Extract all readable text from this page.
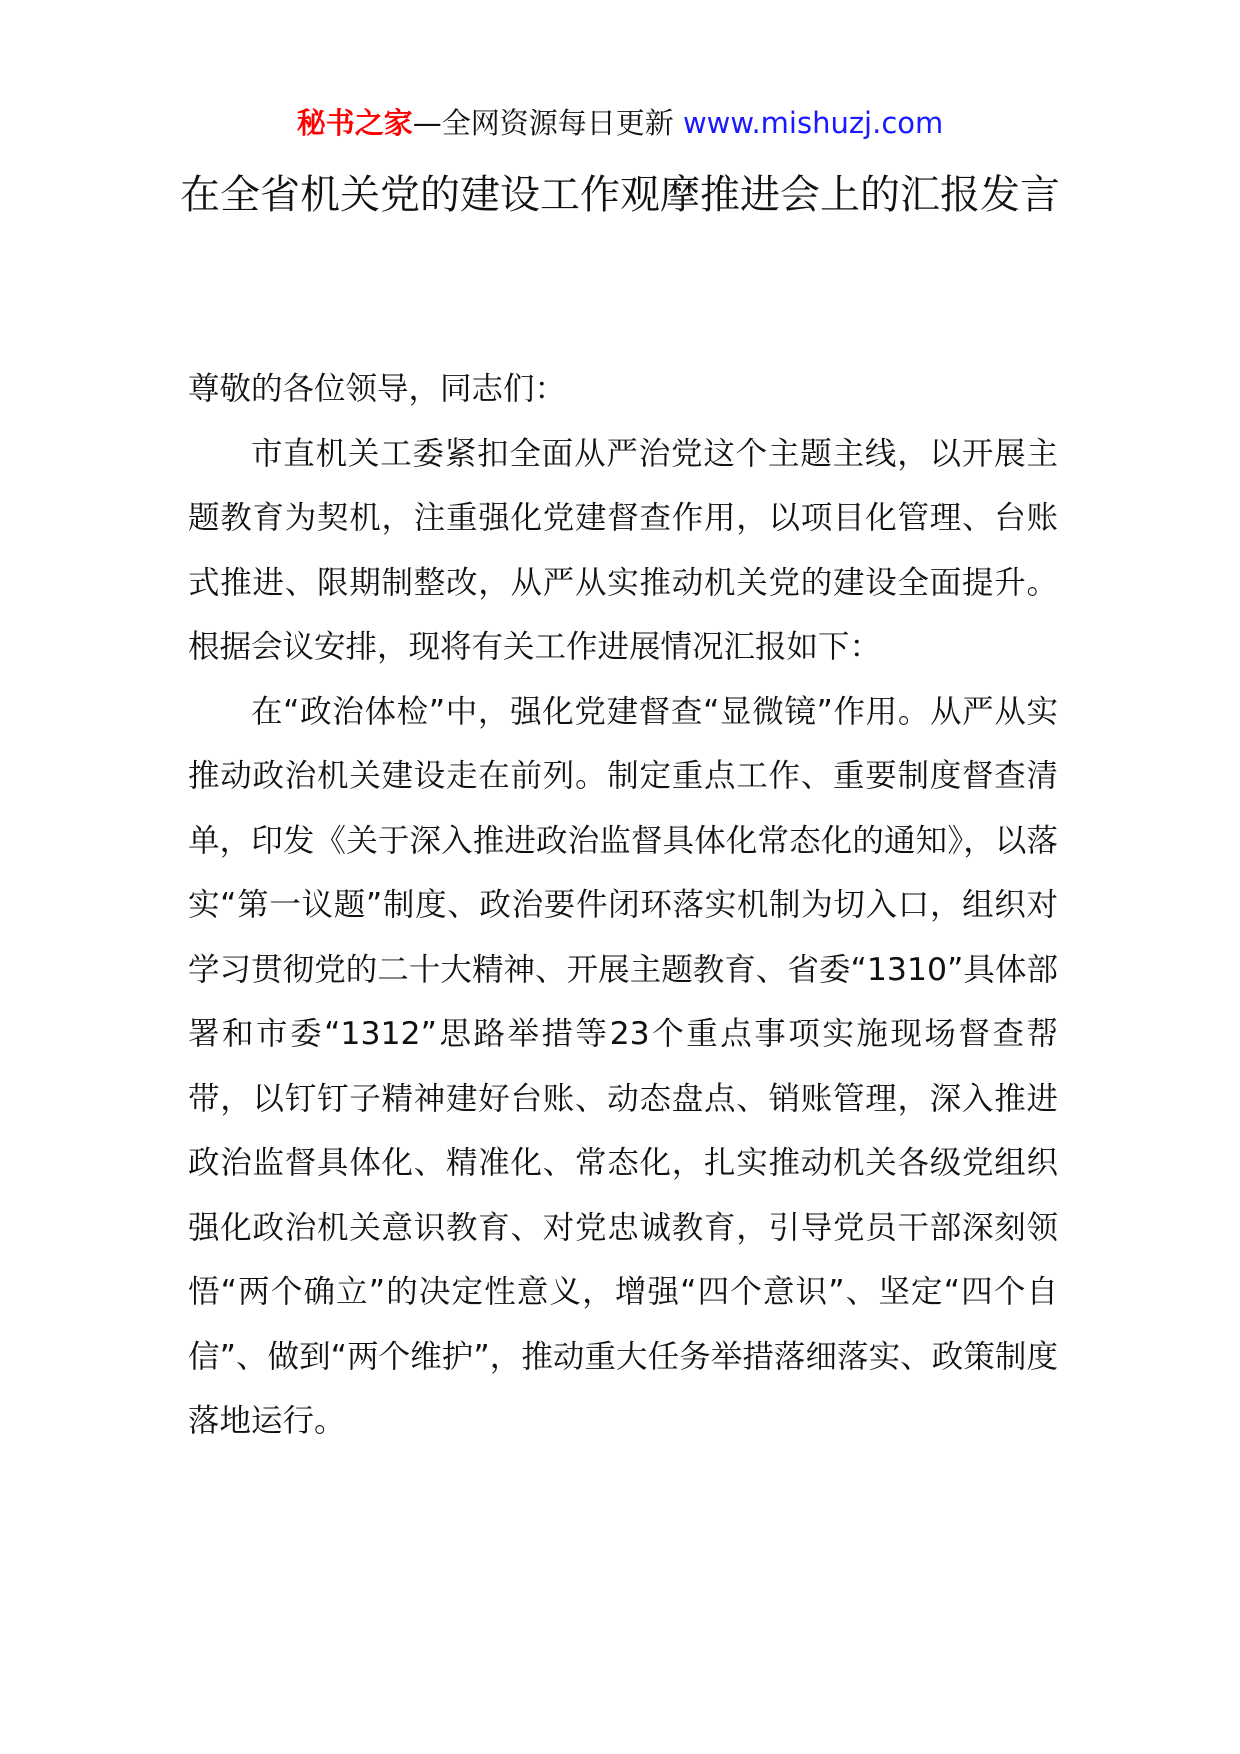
秘书之家—全网资源每日更新 www.mishuzj.com
在全省机关党的建设工作观摩推进会上的汇报发言

尊敬的各位领导，同志们：

市直机关工委紧扣全面从严治党这个主题主线，以开展主题教育为契机，注重强化党建督查作用，以项目化管理、台账式推进、限期制整改，从严从实推动机关党的建设全面提升。根据会议安排，现将有关工作进展情况汇报如下：

在“政治体检”中，强化党建督查“显微镜”作用。从严从实推动政治机关建设走在前列。制定重点工作、重要制度督查清单，印发《关于深入推进政治监督具体化常态化的通知》，以落实“第一议题”制度、政治要件闭环落实机制为切入口，组织对学习贯彻党的二十大精神、开展主题教育、省委“1310”具体部署和市委“1312”思路举措等23个重点事项实施现场督查帮带，以钉钉子精神建好台账、动态盘点、销账管理，深入推进政治监督具体化、精准化、常态化，扎实推动机关各级党组织强化政治机关意识教育、对党忠诚教育，引导党员干部深刻领悟“两个确立”的决定性意义，增强“四个意识”、坚定“四个自信”、做到“两个维护”，推动重大任务举措落细落实、政策制度落地运行。
